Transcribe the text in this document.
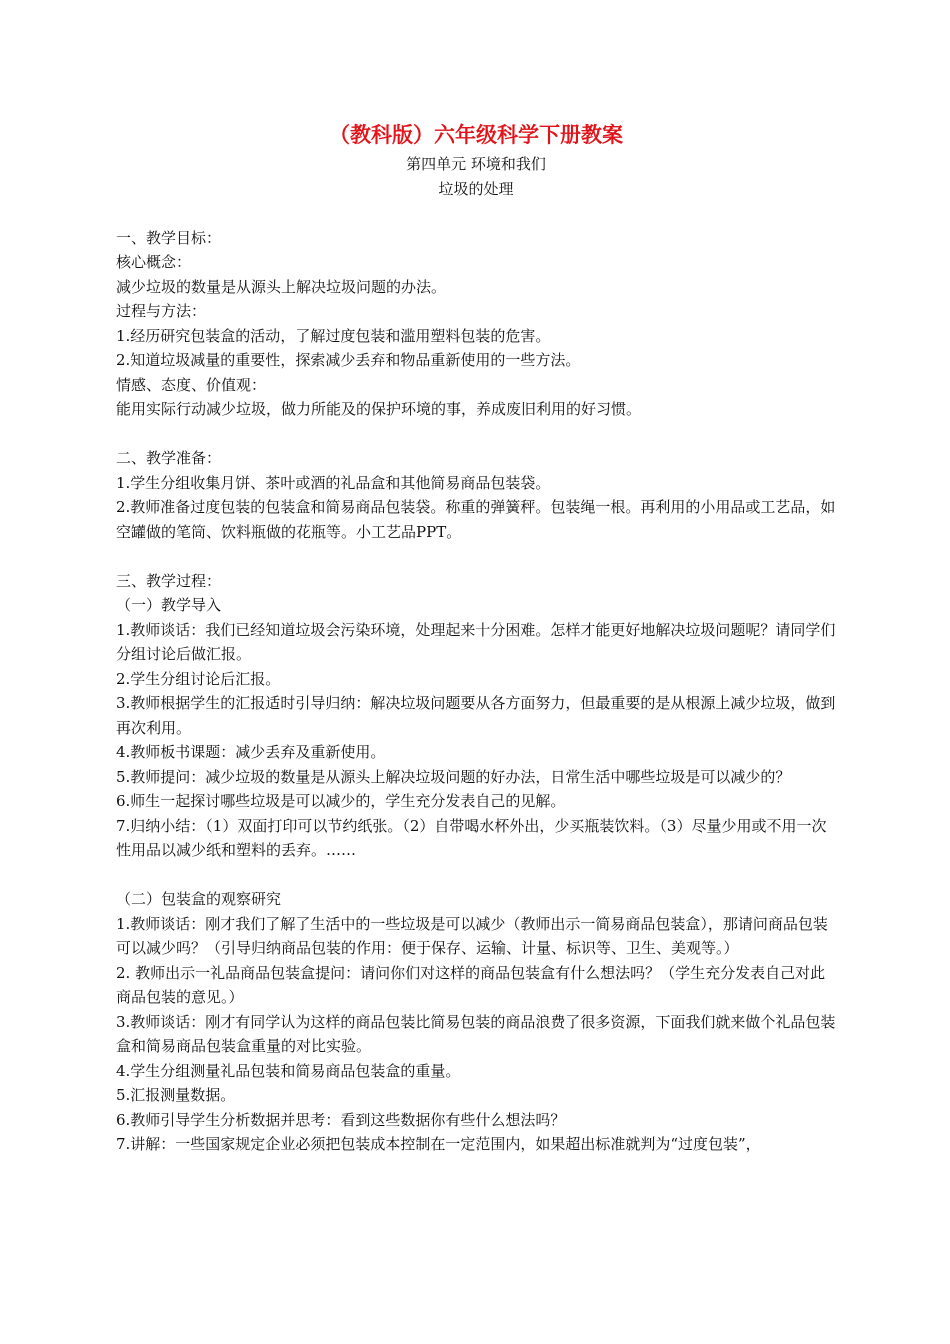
（教科版）六年级科学下册教案

第四单元 环境和我们

垃圾的处理

一、教学目标：

核心概念：

减少垃圾的数量是从源头上解决垃圾问题的办法。

过程与方法：

1.经历研究包装盒的活动，了解过度包装和滥用塑料包装的危害。

2.知道垃圾减量的重要性，探索减少丢弃和物品重新使用的一些方法。

情感、态度、价值观：

能用实际行动减少垃圾，做力所能及的保护环境的事，养成废旧利用的好习惯。

二、教学准备：

1.学生分组收集月饼、茶叶或酒的礼品盒和其他简易商品包装袋。

2.教师准备过度包装的包装盒和简易商品包装袋。称重的弹簧秤。包装绳一根。再利用的小用品或工艺品，如空罐做的笔筒、饮料瓶做的花瓶等。小工艺品PPT。

三、教学过程：

（一）教学导入

1.教师谈话：我们已经知道垃圾会污染环境，处理起来十分困难。怎样才能更好地解决垃圾问题呢？请同学们分组讨论后做汇报。

2.学生分组讨论后汇报。

3.教师根据学生的汇报适时引导归纳：解决垃圾问题要从各方面努力，但最重要的是从根源上减少垃圾，做到再次利用。

4.教师板书课题：减少丢弃及重新使用。

5.教师提问：减少垃圾的数量是从源头上解决垃圾问题的好办法，日常生活中哪些垃圾是可以减少的？

6.师生一起探讨哪些垃圾是可以减少的，学生充分发表自己的见解。

7.归纳小结：（1）双面打印可以节约纸张。（2）自带喝水杯外出，少买瓶装饮料。（3）尽量少用或不用一次性用品以减少纸和塑料的丢弃。……

（二）包装盒的观察研究

1.教师谈话：刚才我们了解了生活中的一些垃圾是可以减少（教师出示一简易商品包装盒），那请问商品包装可以减少吗？（引导归纳商品包装的作用：便于保存、运输、计量、标识等、卫生、美观等。）

2. 教师出示一礼品商品包装盒提问：请问你们对这样的商品包装盒有什么想法吗？（学生充分发表自己对此商品包装的意见。）

3.教师谈话：刚才有同学认为这样的商品包装比简易包装的商品浪费了很多资源，下面我们就来做个礼品包装盒和简易商品包装盒重量的对比实验。

4.学生分组测量礼品包装和简易商品包装盒的重量。

5.汇报测量数据。

6.教师引导学生分析数据并思考：看到这些数据你有些什么想法吗？

7.讲解：一些国家规定企业必须把包装成本控制在一定范围内，如果超出标准就判为“过度包装”，
